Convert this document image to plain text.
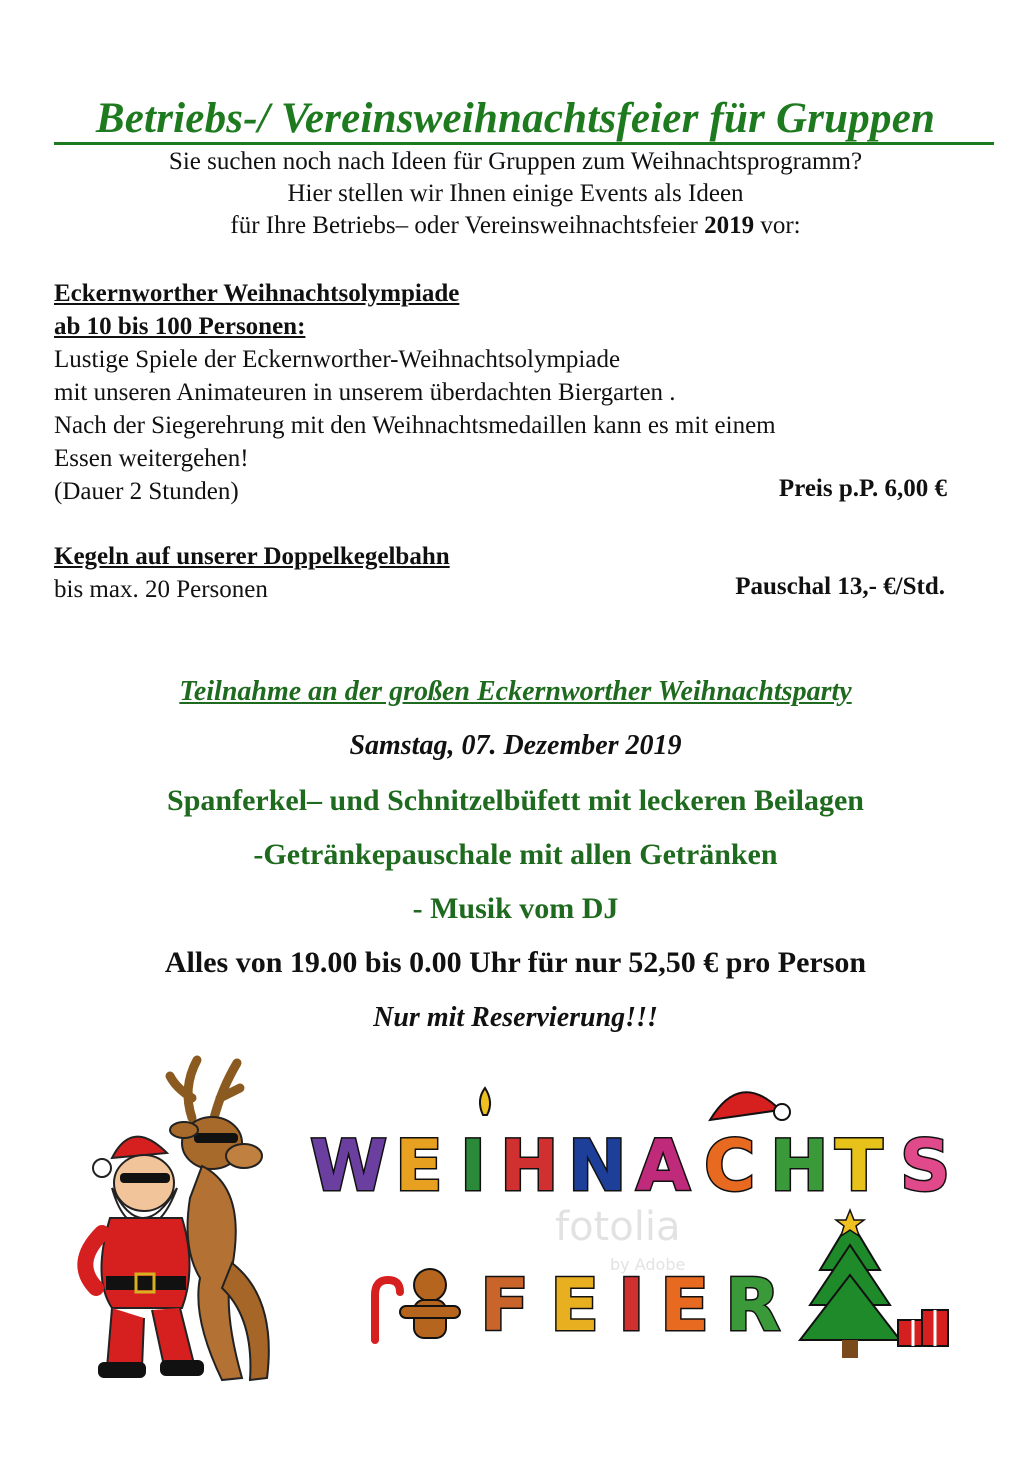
Betriebs-/ Vereinsweihnachtsfeier für Gruppen
Sie suchen noch nach Ideen für Gruppen zum Weihnachtsprogramm?
Hier stellen wir Ihnen einige Events als Ideen
für Ihre Betriebs– oder Vereinsweihnachtsfeier 2019 vor:
Eckernworther Weihnachtsolympiade
ab 10 bis 100 Personen:
Lustige Spiele der Eckernworther-Weihnachtsolympiade
mit unseren Animateuren in unserem überdachten Biergarten .
Nach der Siegerehrung mit den Weihnachtsmedaillen kann es mit einem
Essen weitergehen!
(Dauer 2 Stunden)	Preis p.P. 6,00 €
Kegeln auf unserer Doppelkegelbahn
bis max. 20 Personen	Pauschal 13,- €/Std.
Teilnahme an der großen Eckernworther Weihnachtsparty
Samstag, 07. Dezember 2019
Spanferkel– und Schnitzelbüfett mit leckeren Beilagen
-Getränkepauschale mit allen Getränken
- Musik vom DJ
Alles von 19.00 bis 0.00 Uhr für nur 52,50 € pro Person
Nur mit Reservierung!!!
W E I H N A C H T S
F E I E R
fotolia
by Adobe
